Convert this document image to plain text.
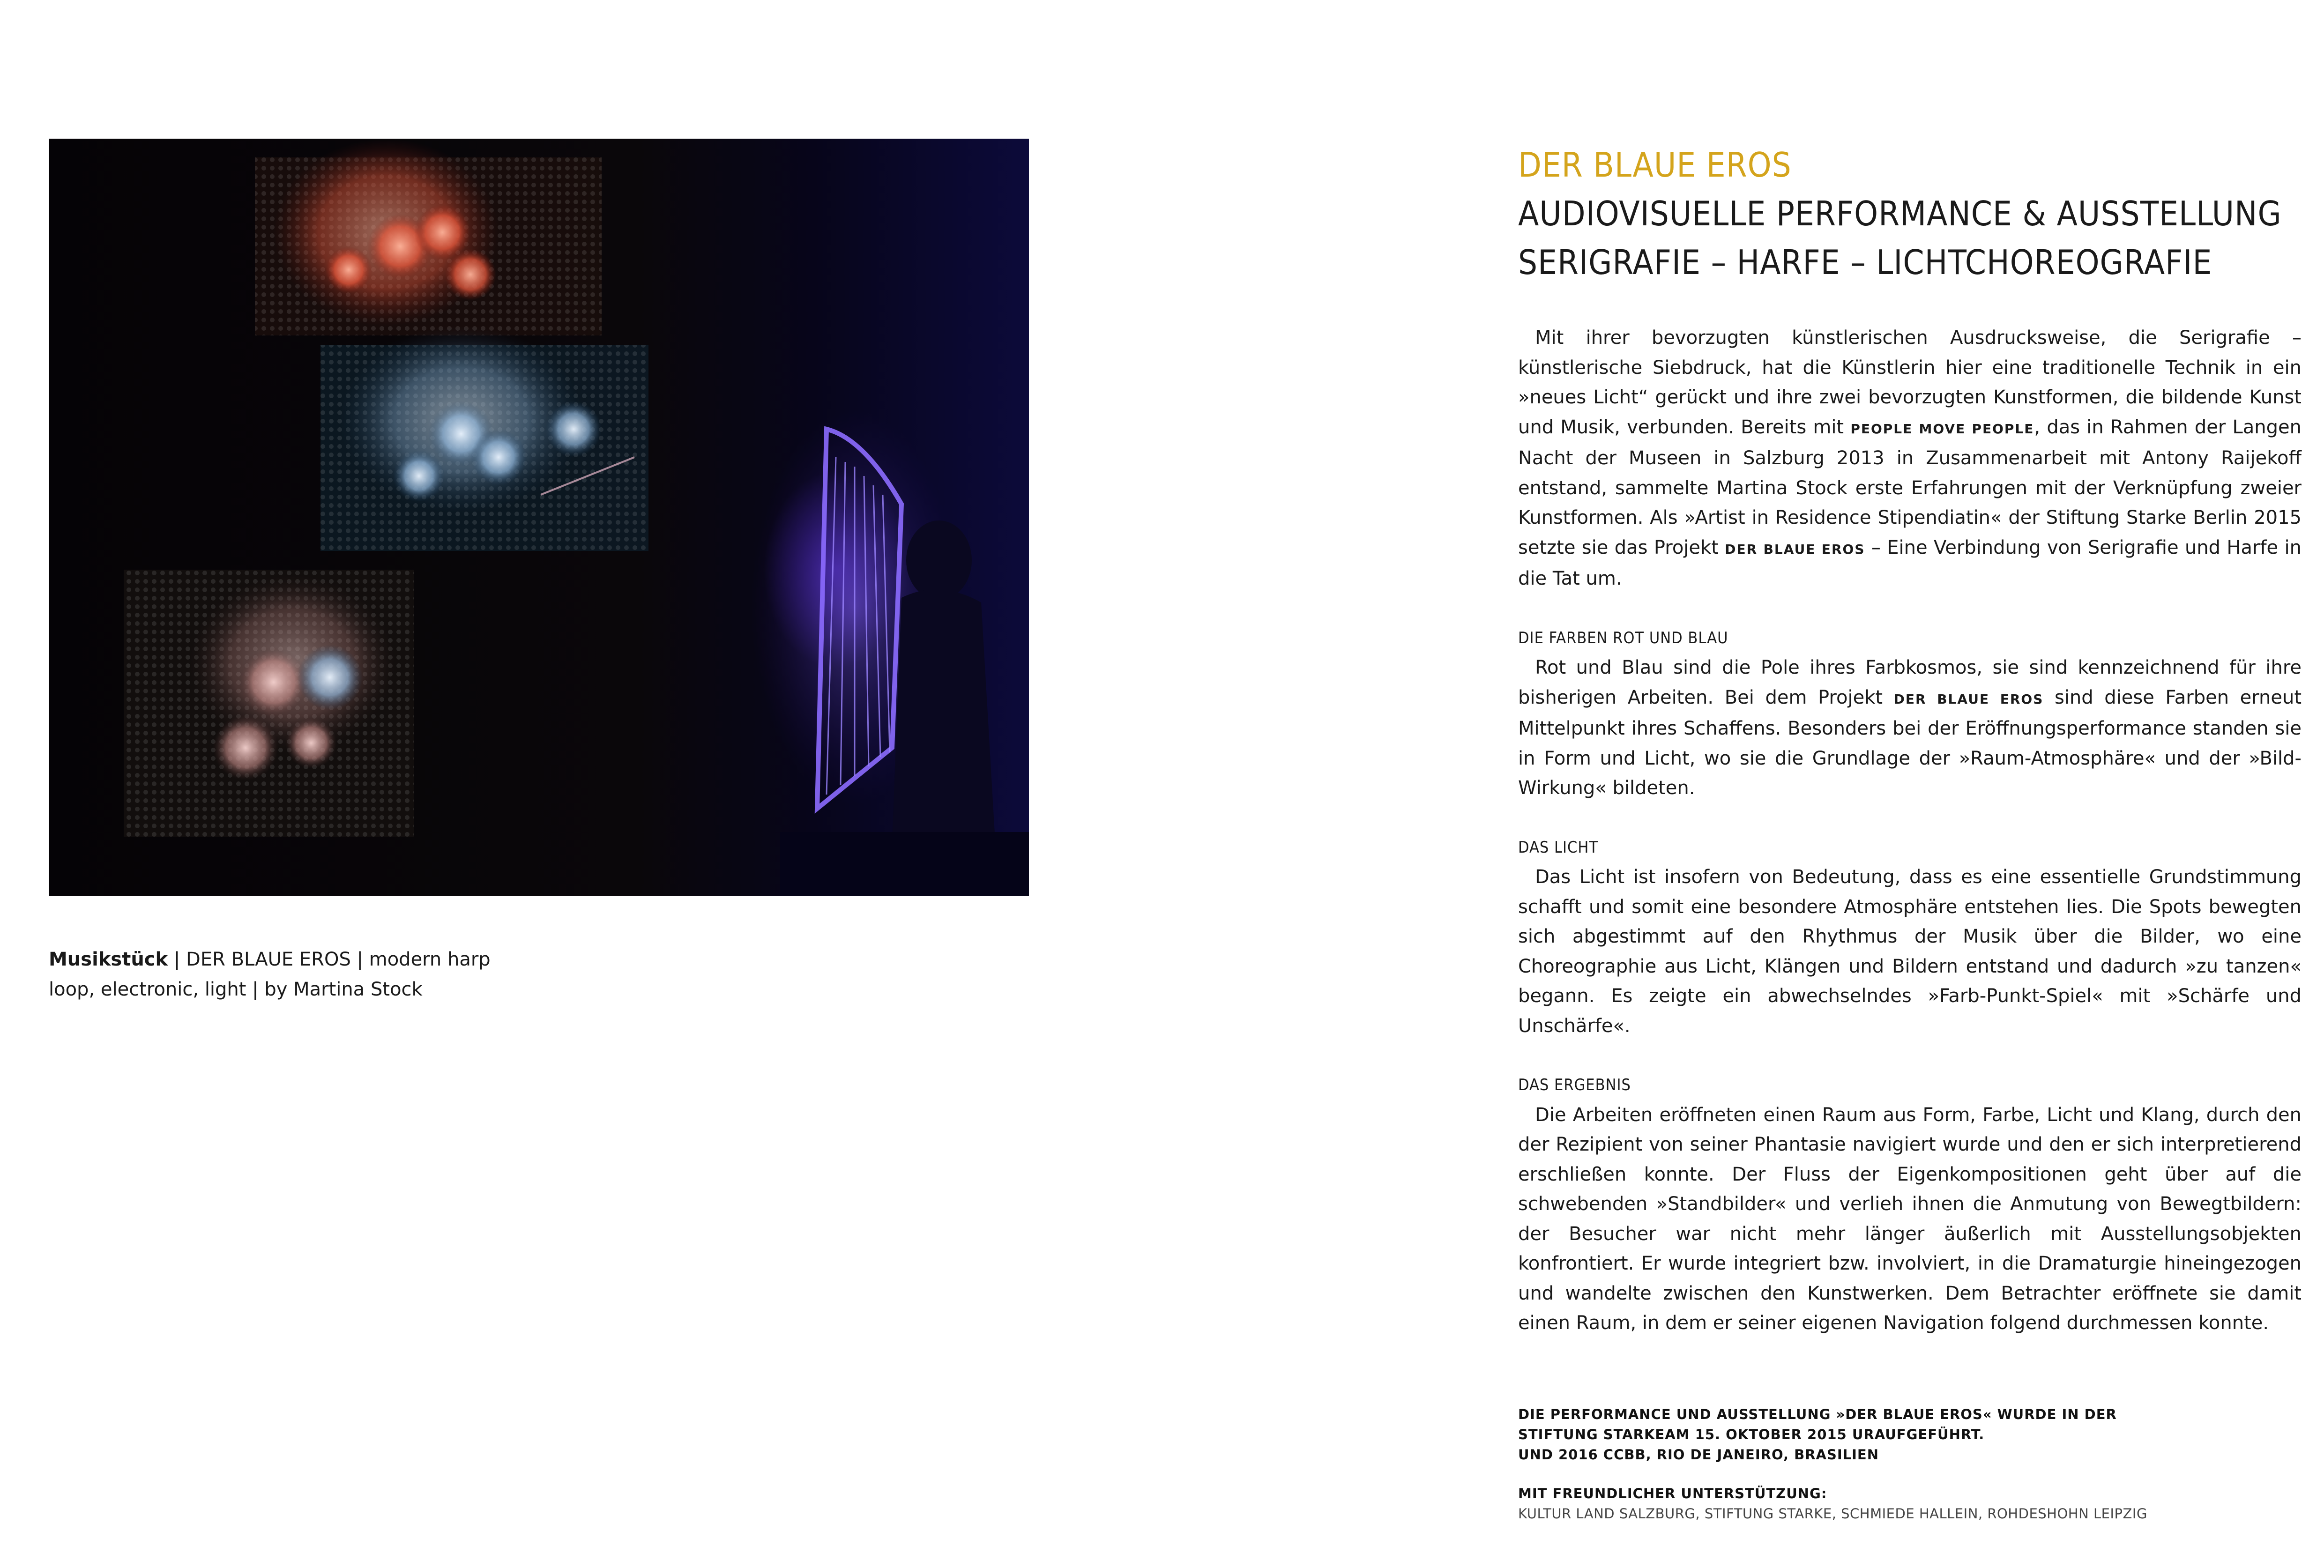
Musikstück | DER BLAUE EROS | modern harp
loop, electronic, light | by Martina Stock
DER BLAUE EROS
AUDIOVISUELLE PERFORMANCE & AUSSTELLUNG
SERIGRAFIE – HARFE – LICHTCHOREOGRAFIE

Mit ihrer bevorzugten künstlerischen Ausdrucksweise, die Serigrafie – künstlerische Siebdruck, hat die Künstlerin hier eine traditionelle Technik in ein »neues Licht“ gerückt und ihre zwei bevorzugten Kunstformen, die bildende Kunst und Musik, verbunden. Bereits mit PEOPLE MOVE PEOPLE, das in Rahmen der Langen Nacht der Museen in Salzburg 2013 in Zusammenarbeit mit Antony Raijekoff entstand, sammelte Martina Stock erste Erfahrungen mit der Verknüpfung zweier Kunstformen. Als »Artist in Residence Stipendiatin« der Stiftung Starke Berlin 2015 setzte sie das Projekt DER BLAUE EROS – Eine Verbindung von Serigrafie und Harfe in die Tat um.

DIE FARBEN ROT UND BLAU

Rot und Blau sind die Pole ihres Farbkosmos, sie sind kennzeichnend für ihre bisherigen Arbeiten. Bei dem Projekt DER BLAUE EROS sind diese Farben erneut Mittelpunkt ihres Schaffens. Besonders bei der Eröffnungsperformance standen sie in Form und Licht, wo sie die Grundlage der »Raum-Atmosphäre« und der »Bild-Wirkung« bildeten.

DAS LICHT

Das Licht ist insofern von Bedeutung, dass es eine essentielle Grundstimmung schafft und somit eine besondere Atmosphäre entstehen lies. Die Spots bewegten sich abgestimmt auf den Rhythmus der Musik über die Bilder, wo eine Choreographie aus Licht, Klängen und Bildern entstand und dadurch »zu tanzen« begann. Es zeigte ein abwechselndes »Farb-Punkt-Spiel« mit »Schärfe und Unschärfe«.

DAS ERGEBNIS

Die Arbeiten eröffneten einen Raum aus Form, Farbe, Licht und Klang, durch den der Rezipient von seiner Phantasie navigiert wurde und den er sich interpretierend erschließen konnte. Der Fluss der Eigenkompositionen geht über auf die schwebenden »Standbilder« und verlieh ihnen die Anmutung von Bewegtbildern: der Besucher war nicht mehr länger äußerlich mit Ausstellungsobjekten konfrontiert. Er wurde integriert bzw. involviert, in die Dramaturgie hineingezogen und wandelte zwischen den Kunstwerken. Dem Betrachter eröffnete sie damit einen Raum, in dem er seiner eigenen Navigation folgend durchmessen konnte.

DIE PERFORMANCE UND AUSSTELLUNG »DER BLAUE EROS« WURDE IN DER
STIFTUNG STARKEAM 15. OKTOBER 2015 URAUFGEFÜHRT.
UND 2016 CCBB, RIO DE JANEIRO, BRASILIEN
MIT FREUNDLICHER UNTERSTÜTZUNG:
KULTUR LAND SALZBURG, STIFTUNG STARKE, SCHMIEDE HALLEIN, ROHDESHOHN LEIPZIG
